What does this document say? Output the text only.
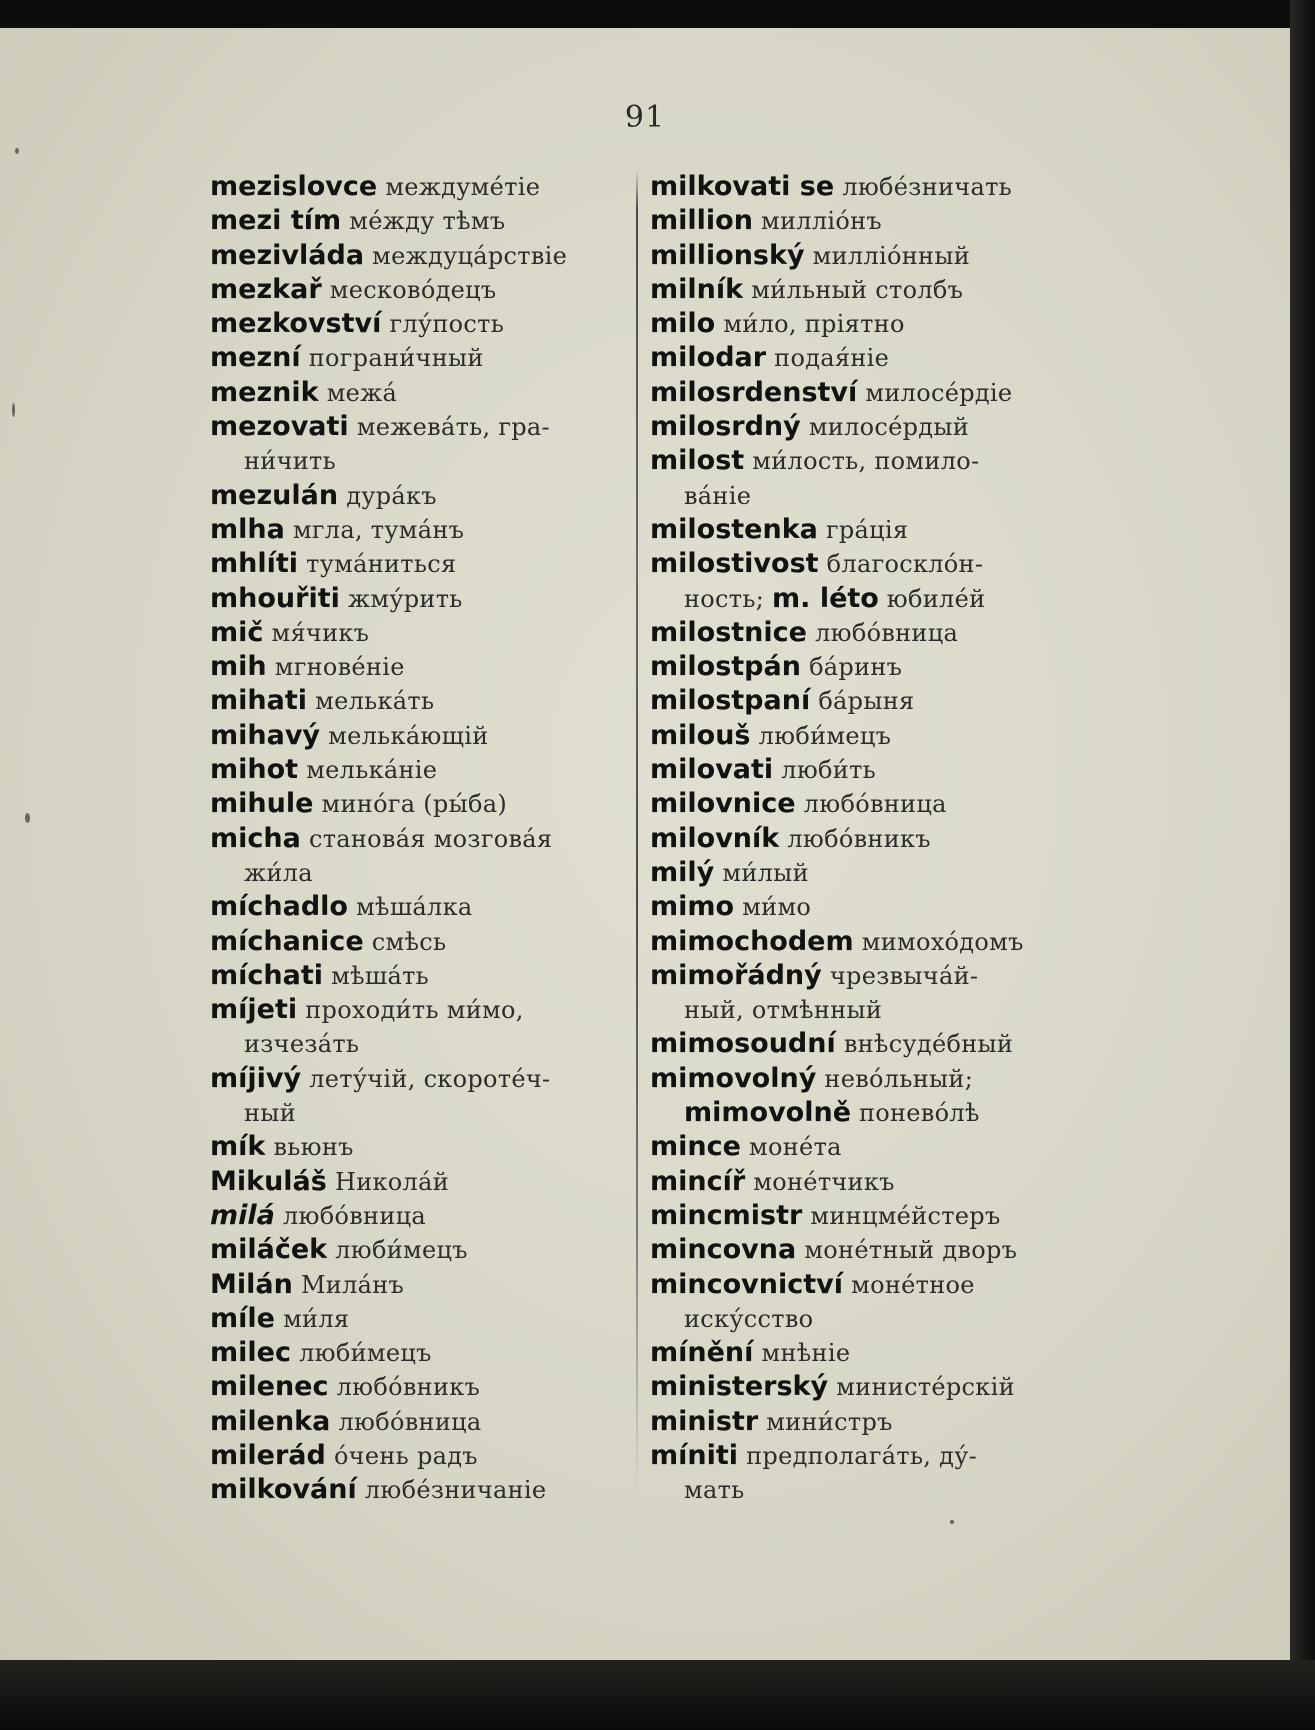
91
mezislovce междуме́тіе
mezi tím ме́жду тѣмъ
mezivláda междуца́рствіе
mezkař месково́децъ
mezkovství глу́пость
mezní пограни́чный
meznik межа́
mezovati межева́ть, гра-
ни́чить
mezulán дура́къ
mlha мгла, тума́нъ
mhlíti тума́ниться
mhouřiti жму́рить
mič мя́чикъ
mih мгнове́ніе
mihati мелька́ть
mihavý мелька́ющій
mihot мелька́ніе
mihule мино́га (ры́ба)
micha станова́я мозгова́я
жи́ла
míchadlo мѣша́лка
míchanice смѣсь
míchati мѣша́ть
míjeti проходи́ть ми́мо,
изчеза́ть
míjivý лету́чій, скороте́ч-
ный
mík вьюнъ
Mikuláš Никола́й
milá любо́вница
miláček люби́мецъ
Milán Мила́нъ
míle ми́ля
milec люби́мецъ
milenec любо́вникъ
milenka любо́вница
milerád о́чень радъ
milkování любе́зничаніе
milkovati se любе́зничать
million милліо́нъ
millionský милліо́нный
milník ми́льный столбъ
milo ми́ло, пріятно
milodar подая́ніе
milosrdenství милосе́рдіе
milosrdný милосе́рдый
milost ми́лость, помило-
ва́ніе
milostenka гра́ція
milostivost благосклóн-
ность; m. léto юбиле́й
milostnice любо́вница
milostpán ба́ринъ
milostpaní ба́рыня
milouš люби́мецъ
milovati люби́ть
milovnice любо́вница
milovník любо́вникъ
milý ми́лый
mimo ми́мо
mimochodem мимохо́домъ
mimořádný чрезвыча́й-
ный, отмѣнный
mimosoudní внѣсуде́бный
mimovolný нево́льный;
mimovolně понево́лѣ
mince моне́та
mincíř моне́тчикъ
mincmistr минцме́йстеръ
mincovna моне́тный дворъ
mincovnictví моне́тное
иску́сство
mínění мнѣніе
ministerský министе́рскій
ministr мини́стръ
míniti предполага́ть, ду́-
мать
